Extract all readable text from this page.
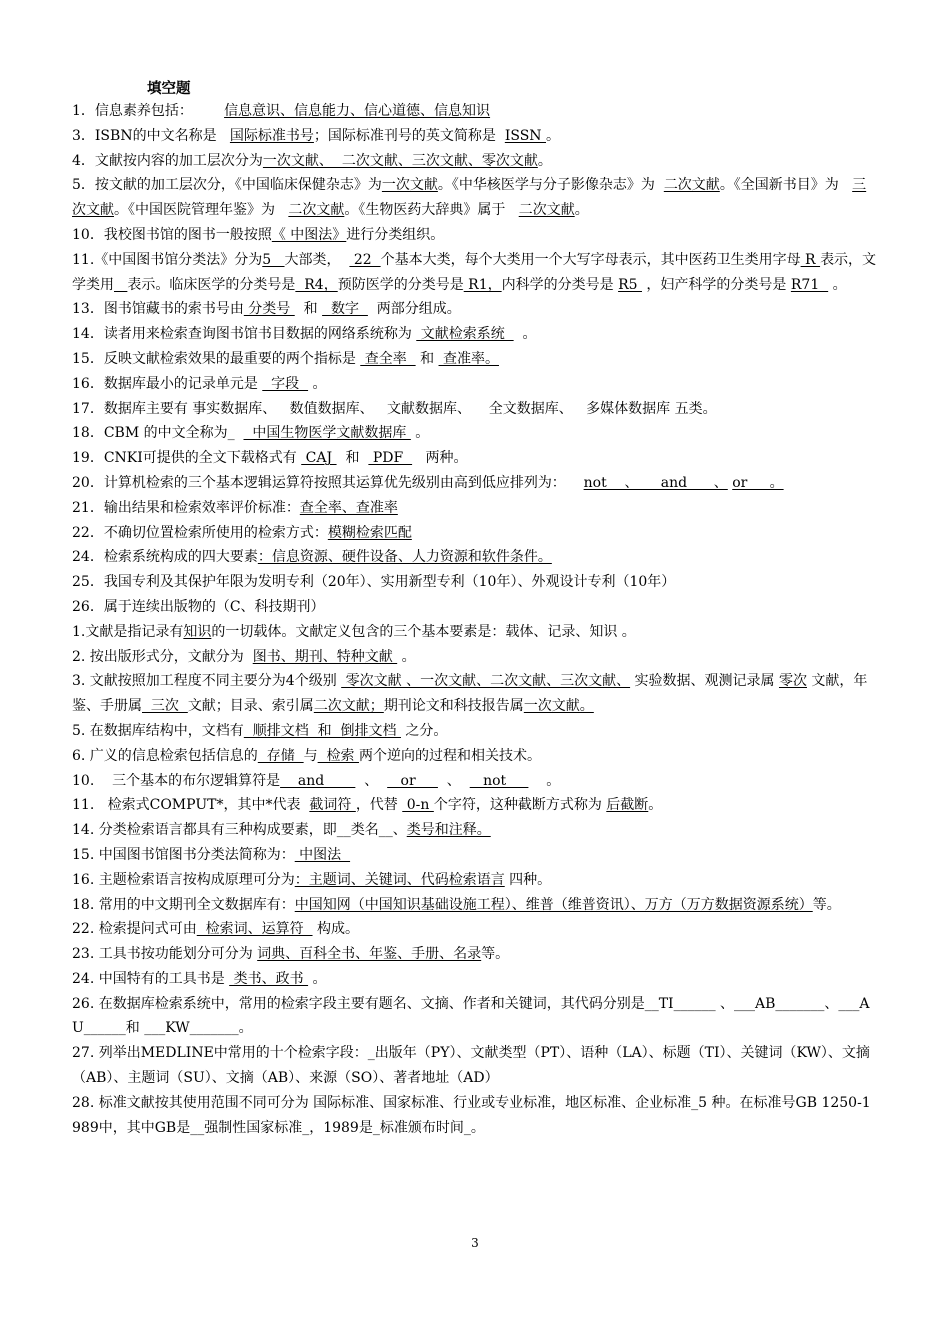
填空题
1．信息素养包括：       信息意识、信息能力、信心道德、信息知识
3．ISBN的中文名称是   国际标准书号；国际标准刊号的英文简称是  ISSN 。
4．文献按内容的加工层次分为一次文献、  二次文献、三次文献、零次文献。
5．按文献的加工层次分，《中国临床保健杂志》为一次文献。《中华核医学与分子影像杂志》为  二次文献。《全国新书目》为   三次文献。《中国医院管理年鉴》为   二次文献。《生物医药大辞典》属于   二次文献。
10．我校图书馆的图书一般按照《 中图法》进行分类组织。
11.《中国图书馆分类法》分为5   大部类，   22  个基本大类，每个大类用一个大写字母表示，其中医药卫生类用字母 R 表示，文学类用 表示。临床医学的分类号是  R4，预防医学的分类号是 R1，内科学的分类号是 R5  ，妇产科学的分类号是 R71   。
13．图书馆藏书的索书号由 分类号   和   数字    两部分组成。
14．读者用来检索查询图书馆书目数据的网络系统称为  文献检索系统    。
15．反映文献检索效果的最重要的两个指标是  查全率   和  查准率。
16．数据库最小的记录单元是   字段   。
17．数据库主要有 事实数据库、   数值数据库、   文献数据库、    全文数据库、   多媒体数据库 五类。
18．CBM 的中文全称为_    中国生物医学文献数据库  。
19．CNKI可提供的全文下载格式有  CAJ   和   PDF     两种。
20．计算机检索的三个基本逻辑运算符按照其运算优先级别由高到低应排列为：    not    、     and      、 or     。
21．输出结果和检索效率评价标准：查全率、查准率
22．不确切位置检索所使用的检索方式：模糊检索匹配
24．检索系统构成的四大要素：信息资源、硬件设备、人力资源和软件条件。
25．我国专利及其保护年限为发明专利（20年）、实用新型专利（10年）、外观设计专利（10年）
26．属于连续出版物的（C、科技期刊）
1.文献是指记录有知识的一切载体。文献定义包含的三个基本要素是：载体、记录、知识 。
2. 按出版形式分，文献分为  图书、期刊、特种文献  。
3. 文献按照加工程度不同主要分为4个级别  零次文献 、一次文献、二次文献、三次文献、 实验数据、观测记录属 零次 文献，年鉴、手册属  三次  文献；目录、索引属二次文献；期刊论文和科技报告属一次文献。
5. 在数据库结构中，文档有  顺排文档  和  倒排文档  之分。
6. 广义的信息检索包括信息的  存储  与  检索 两个逆向的过程和相关技术。
10.    三个基本的布尔逻辑算符是    and         、     or       、     not         。
11.   检索式COMPUT*，其中*代表  截词符 ，代替  0-n 个字符，这种截断方式称为 后截断。
14. 分类检索语言都具有三种构成要素，即__类名__、类号和注释。
15. 中国图书馆图书分类法简称为： 中图法
16. 主题检索语言按构成原理可分为：主题词、关键词、代码检索语言 四种。
18. 常用的中文期刊全文数据库有：中国知网（中国知识基础设施工程）、维普（维普资讯）、万方（万方数据资源系统）等。
22. 检索提问式可由  检索词、运算符   构成。
23. 工具书按功能划分可分为 词典、百科全书、年鉴、手册、名录等。
24. 中国特有的工具书是  类书、政书  。
26. 在数据库检索系统中，常用的检索字段主要有题名、文摘、作者和关键词，其代码分别是__TI______ 、___AB_______、___AU______和 ___KW_______。
27. 列举出MEDLINE中常用的十个检索字段：_出版年（PY）、文献类型（PT）、语种（LA）、标题（TI）、关键词（KW）、文摘（AB）、主题词（SU）、文摘（AB）、来源（SO）、著者地址（AD）
28. 标准文献按其使用范围不同可分为 国际标准、国家标准、行业或专业标准，地区标准、企业标准_5 种。在标准号GB 1250-1989中，其中GB是__强制性国家标准_，1989是_标准颁布时间_。
3
